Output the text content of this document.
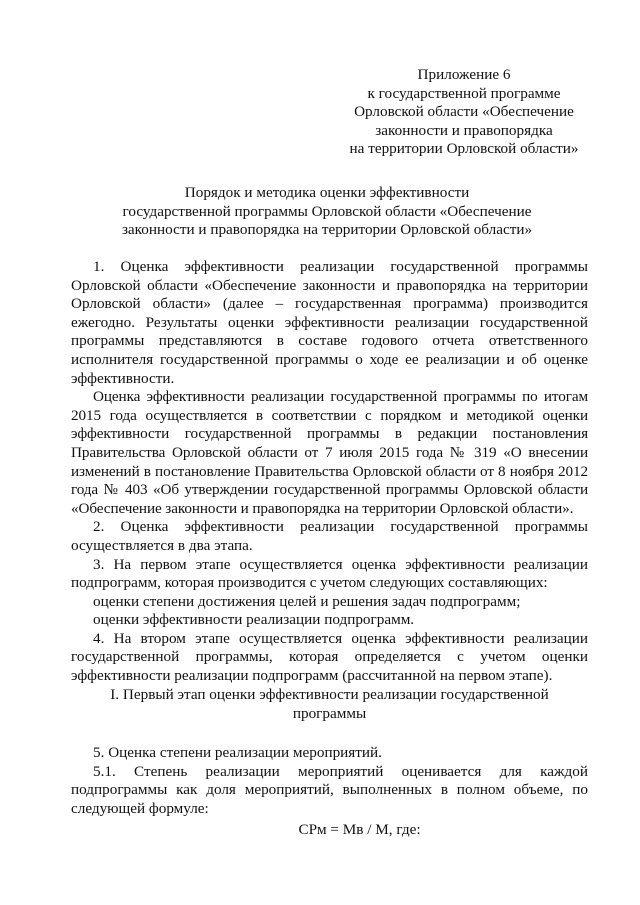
Приложение 6
к государственной программе
Орловской области «Обеспечение
законности и правопорядка
на территории Орловской области»
Порядок и методика оценки эффективности
государственной программы Орловской области «Обеспечение
законности и правопорядка на территории Орловской области»

1. Оценка эффективности реализации государственной программы Орловской области «Обеспечение законности и правопорядка на территории Орловской области» (далее – государственная программа) производится ежегодно. Результаты оценки эффективности реализации государственной программы представляются в составе годового отчета ответственного исполнителя государственной программы о ходе ее реализации и об оценке эффективности.

Оценка эффективности реализации государственной программы по итогам 2015 года осуществляется в соответствии с порядком и методикой оценки эффективности государственной программы в редакции постановления Правительства Орловской области от 7 июля 2015 года № 319 «О внесении изменений в постановление Правительства Орловской области от 8 ноября 2012 года № 403 «Об утверждении государственной программы Орловской области «Обеспечение законности и правопорядка на территории Орловской области».

2. Оценка эффективности реализации государственной программы осуществляется в два этапа.

3. На первом этапе осуществляется оценка эффективности реализации подпрограмм, которая производится с учетом следующих составляющих:

оценки степени достижения целей и решения задач подпрограмм;

оценки эффективности реализации подпрограмм.

4. На втором этапе осуществляется оценка эффективности реализации государственной программы, которая определяется с учетом оценки эффективности реализации подпрограмм (рассчитанной на первом этапе).

I. Первый этап оценки эффективности реализации государственной
программы

5. Оценка степени реализации мероприятий.

5.1. Степень реализации мероприятий оценивается для каждой подпрограммы как доля мероприятий, выполненных в полном объеме, по следующей формуле:

СРм = Мв / М, где:
